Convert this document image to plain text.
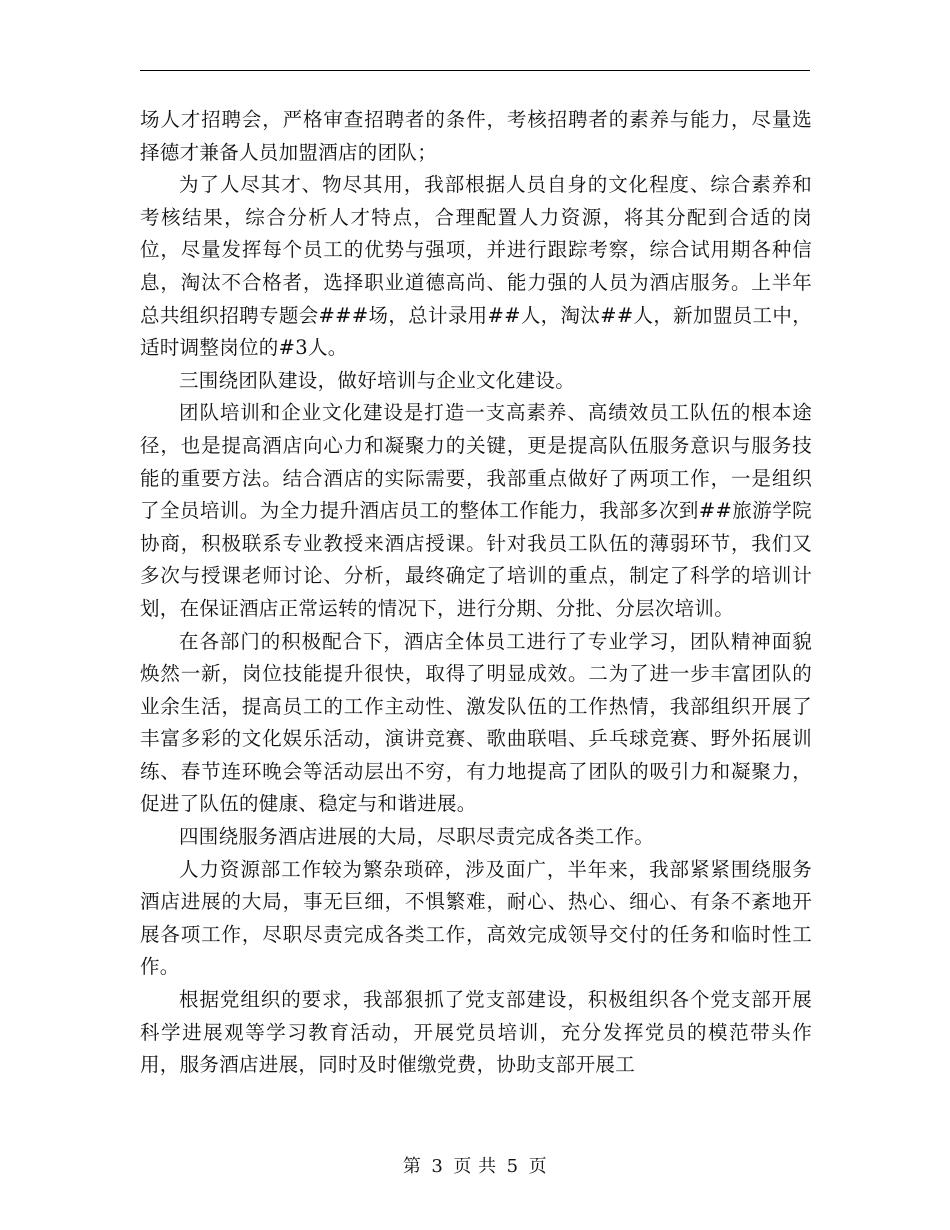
场人才招聘会，严格审查招聘者的条件，考核招聘者的素养与能力，尽量选择德才兼备人员加盟酒店的团队；

为了人尽其才、物尽其用，我部根据人员自身的文化程度、综合素养和考核结果，综合分析人才特点，合理配置人力资源，将其分配到合适的岗位，尽量发挥每个员工的优势与强项，并进行跟踪考察，综合试用期各种信息，淘汰不合格者，选择职业道德高尚、能力强的人员为酒店服务。上半年总共组织招聘专题会###场，总计录用##人，淘汰##人，新加盟员工中，适时调整岗位的#3人。

三围绕团队建设，做好培训与企业文化建设。

团队培训和企业文化建设是打造一支高素养、高绩效员工队伍的根本途径，也是提高酒店向心力和凝聚力的关键，更是提高队伍服务意识与服务技能的重要方法。结合酒店的实际需要，我部重点做好了两项工作，一是组织了全员培训。为全力提升酒店员工的整体工作能力，我部多次到##旅游学院协商，积极联系专业教授来酒店授课。针对我员工队伍的薄弱环节，我们又多次与授课老师讨论、分析，最终确定了培训的重点，制定了科学的培训计划，在保证酒店正常运转的情况下，进行分期、分批、分层次培训。

在各部门的积极配合下，酒店全体员工进行了专业学习，团队精神面貌焕然一新，岗位技能提升很快，取得了明显成效。二为了进一步丰富团队的业余生活，提高员工的工作主动性、激发队伍的工作热情，我部组织开展了丰富多彩的文化娱乐活动，演讲竞赛、歌曲联唱、乒乓球竞赛、野外拓展训练、春节连环晚会等活动层出不穷，有力地提高了团队的吸引力和凝聚力，促进了队伍的健康、稳定与和谐进展。

四围绕服务酒店进展的大局，尽职尽责完成各类工作。

人力资源部工作较为繁杂琐碎，涉及面广，半年来，我部紧紧围绕服务酒店进展的大局，事无巨细，不惧繁难，耐心、热心、细心、有条不紊地开展各项工作，尽职尽责完成各类工作，高效完成领导交付的任务和临时性工作。

根据党组织的要求，我部狠抓了党支部建设，积极组织各个党支部开展科学进展观等学习教育活动，开展党员培训，充分发挥党员的模范带头作用，服务酒店进展，同时及时催缴党费，协助支部开展工

第 3 页 共 5 页
